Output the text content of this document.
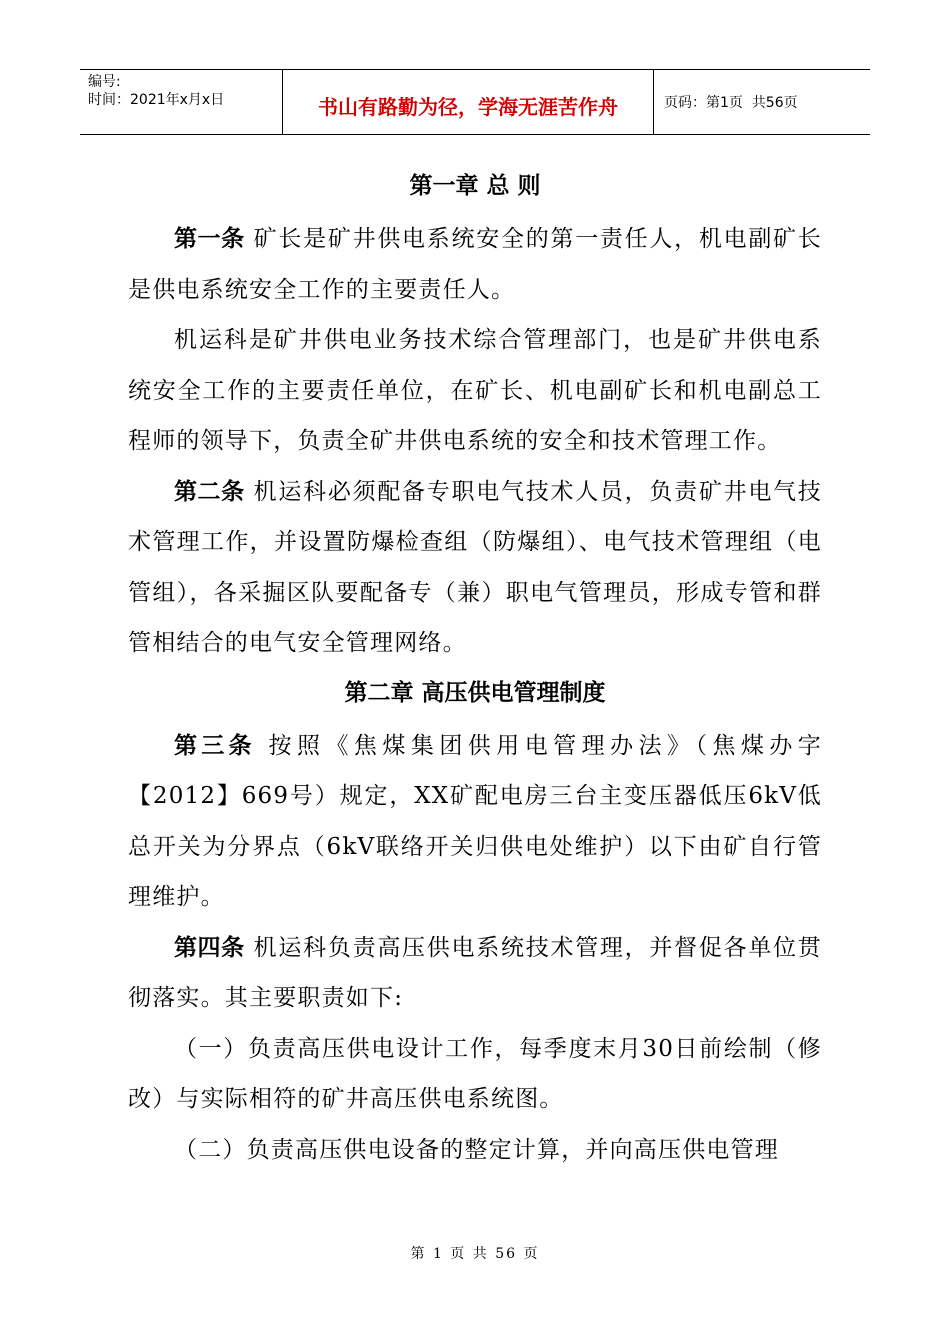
编号:
时间：2021年x月x日	书山有路勤为径，学海无涯苦作舟	页码：第1页  共56页
第一章 总 则

第一条 矿长是矿井供电系统安全的第一责任人，机电副矿长是供电系统安全工作的主要责任人。

机运科是矿井供电业务技术综合管理部门，也是矿井供电系统安全工作的主要责任单位，在矿长、机电副矿长和机电副总工程师的领导下，负责全矿井供电系统的安全和技术管理工作。

第二条 机运科必须配备专职电气技术人员，负责矿井电气技术管理工作，并设置防爆检查组（防爆组）、电气技术管理组（电管组），各采掘区队要配备专（兼）职电气管理员，形成专管和群管相结合的电气安全管理网络。

第二章 高压供电管理制度

第三条 按照《焦煤集团供用电管理办法》（焦煤办字【2012】669号）规定，XX矿配电房三台主变压器低压6kV低总开关为分界点（6kV联络开关归供电处维护）以下由矿自行管理维护。

第四条 机运科负责高压供电系统技术管理，并督促各单位贯彻落实。其主要职责如下:

（一）负责高压供电设计工作，每季度末月30日前绘制（修改）与实际相符的矿井高压供电系统图。

（二）负责高压供电设备的整定计算，并向高压供电管理

第 1 页 共 56 页
